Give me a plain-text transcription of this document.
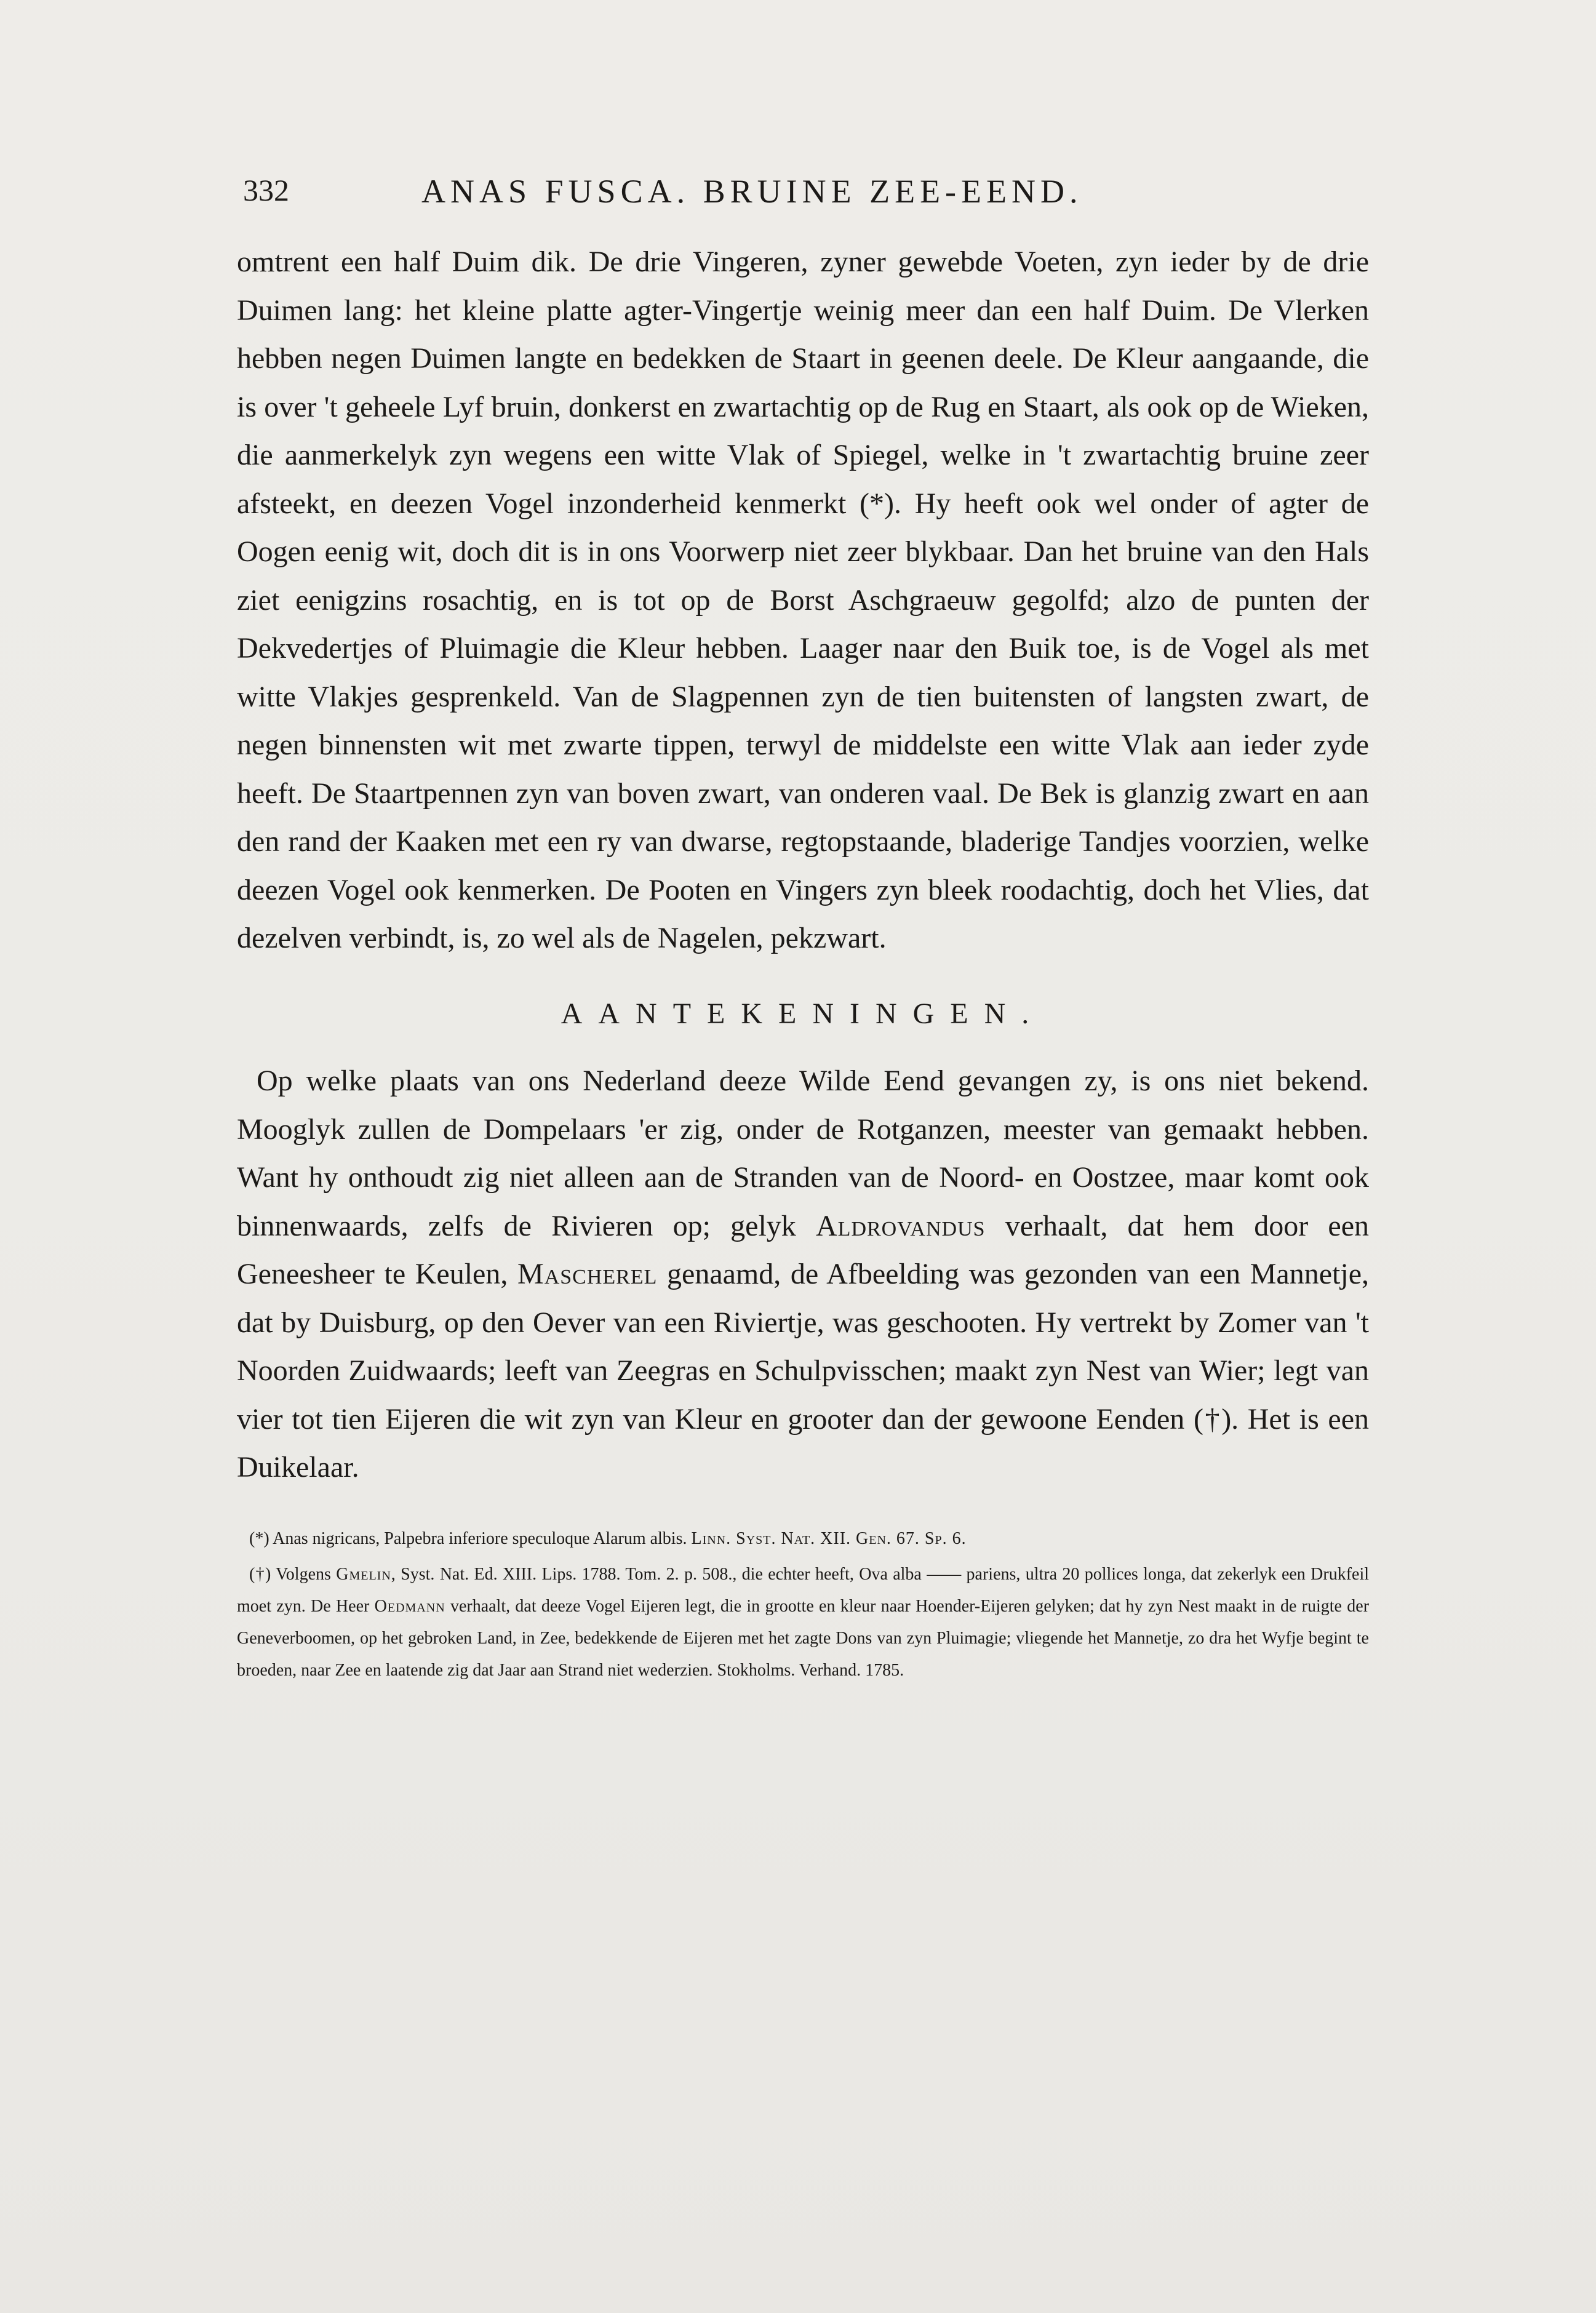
332	ANAS FUSCA. BRUINE ZEE-EEND.

omtrent een half Duim dik. De drie Vingeren, zyner gewebde Voeten, zyn ieder by de drie Duimen lang: het kleine platte agter-Vingertje weinig meer dan een half Duim. De Vlerken hebben negen Duimen langte en bedekken de Staart in geenen deele. De Kleur aangaande, die is over 't geheele Lyf bruin, donkerst en zwartachtig op de Rug en Staart, als ook op de Wieken, die aanmerkelyk zyn wegens een witte Vlak of Spiegel, welke in 't zwartachtig bruine zeer afsteekt, en deezen Vogel inzonderheid kenmerkt (*). Hy heeft ook wel onder of agter de Oogen eenig wit, doch dit is in ons Voorwerp niet zeer blykbaar. Dan het bruine van den Hals ziet eenigzins rosachtig, en is tot op de Borst Aschgraeuw gegolfd; alzo de punten der Dekvedertjes of Pluimagie die Kleur hebben. Laager naar den Buik toe, is de Vogel als met witte Vlakjes gesprenkeld. Van de Slagpennen zyn de tien buitensten of langsten zwart, de negen binnensten wit met zwarte tippen, terwyl de middelste een witte Vlak aan ieder zyde heeft. De Staartpennen zyn van boven zwart, van onderen vaal. De Bek is glanzig zwart en aan den rand der Kaaken met een ry van dwarse, regtopstaande, bladerige Tandjes voorzien, welke deezen Vogel ook kenmerken. De Pooten en Vingers zyn bleek roodachtig, doch het Vlies, dat dezelven verbindt, is, zo wel als de Nagelen, pekzwart.

AANTEKENINGEN.

Op welke plaats van ons Nederland deeze Wilde Eend gevangen zy, is ons niet bekend. Mooglyk zullen de Dompelaars 'er zig, onder de Rotganzen, meester van gemaakt hebben. Want hy onthoudt zig niet alleen aan de Stranden van de Noord- en Oostzee, maar komt ook binnenwaards, zelfs de Rivieren op; gelyk Aldrovandus verhaalt, dat hem door een Geneesheer te Keulen, Mascherel genaamd, de Afbeelding was gezonden van een Mannetje, dat by Duisburg, op den Oever van een Riviertje, was geschooten. Hy vertrekt by Zomer van 't Noorden Zuidwaards; leeft van Zeegras en Schulpvisschen; maakt zyn Nest van Wier; legt van vier tot tien Eijeren die wit zyn van Kleur en grooter dan der gewoone Eenden (†). Het is een Duikelaar.

(*) Anas nigricans, Palpebra inferiore speculoque Alarum albis. Linn. Syst. Nat. XII. Gen. 67. Sp. 6.

(†) Volgens Gmelin, Syst. Nat. Ed. XIII. Lips. 1788. Tom. 2. p. 508., die echter heeft, Ova alba —— pariens, ultra 20 pollices longa, dat zekerlyk een Drukfeil moet zyn. De Heer Oedmann verhaalt, dat deeze Vogel Eijeren legt, die in grootte en kleur naar Hoender-Eijeren gelyken; dat hy zyn Nest maakt in de ruigte der Geneverboomen, op het gebroken Land, in Zee, bedekkende de Eijeren met het zagte Dons van zyn Pluimagie; vliegende het Mannetje, zo dra het Wyfje begint te broeden, naar Zee en laatende zig dat Jaar aan Strand niet wederzien. Stokholms. Verhand. 1785.
